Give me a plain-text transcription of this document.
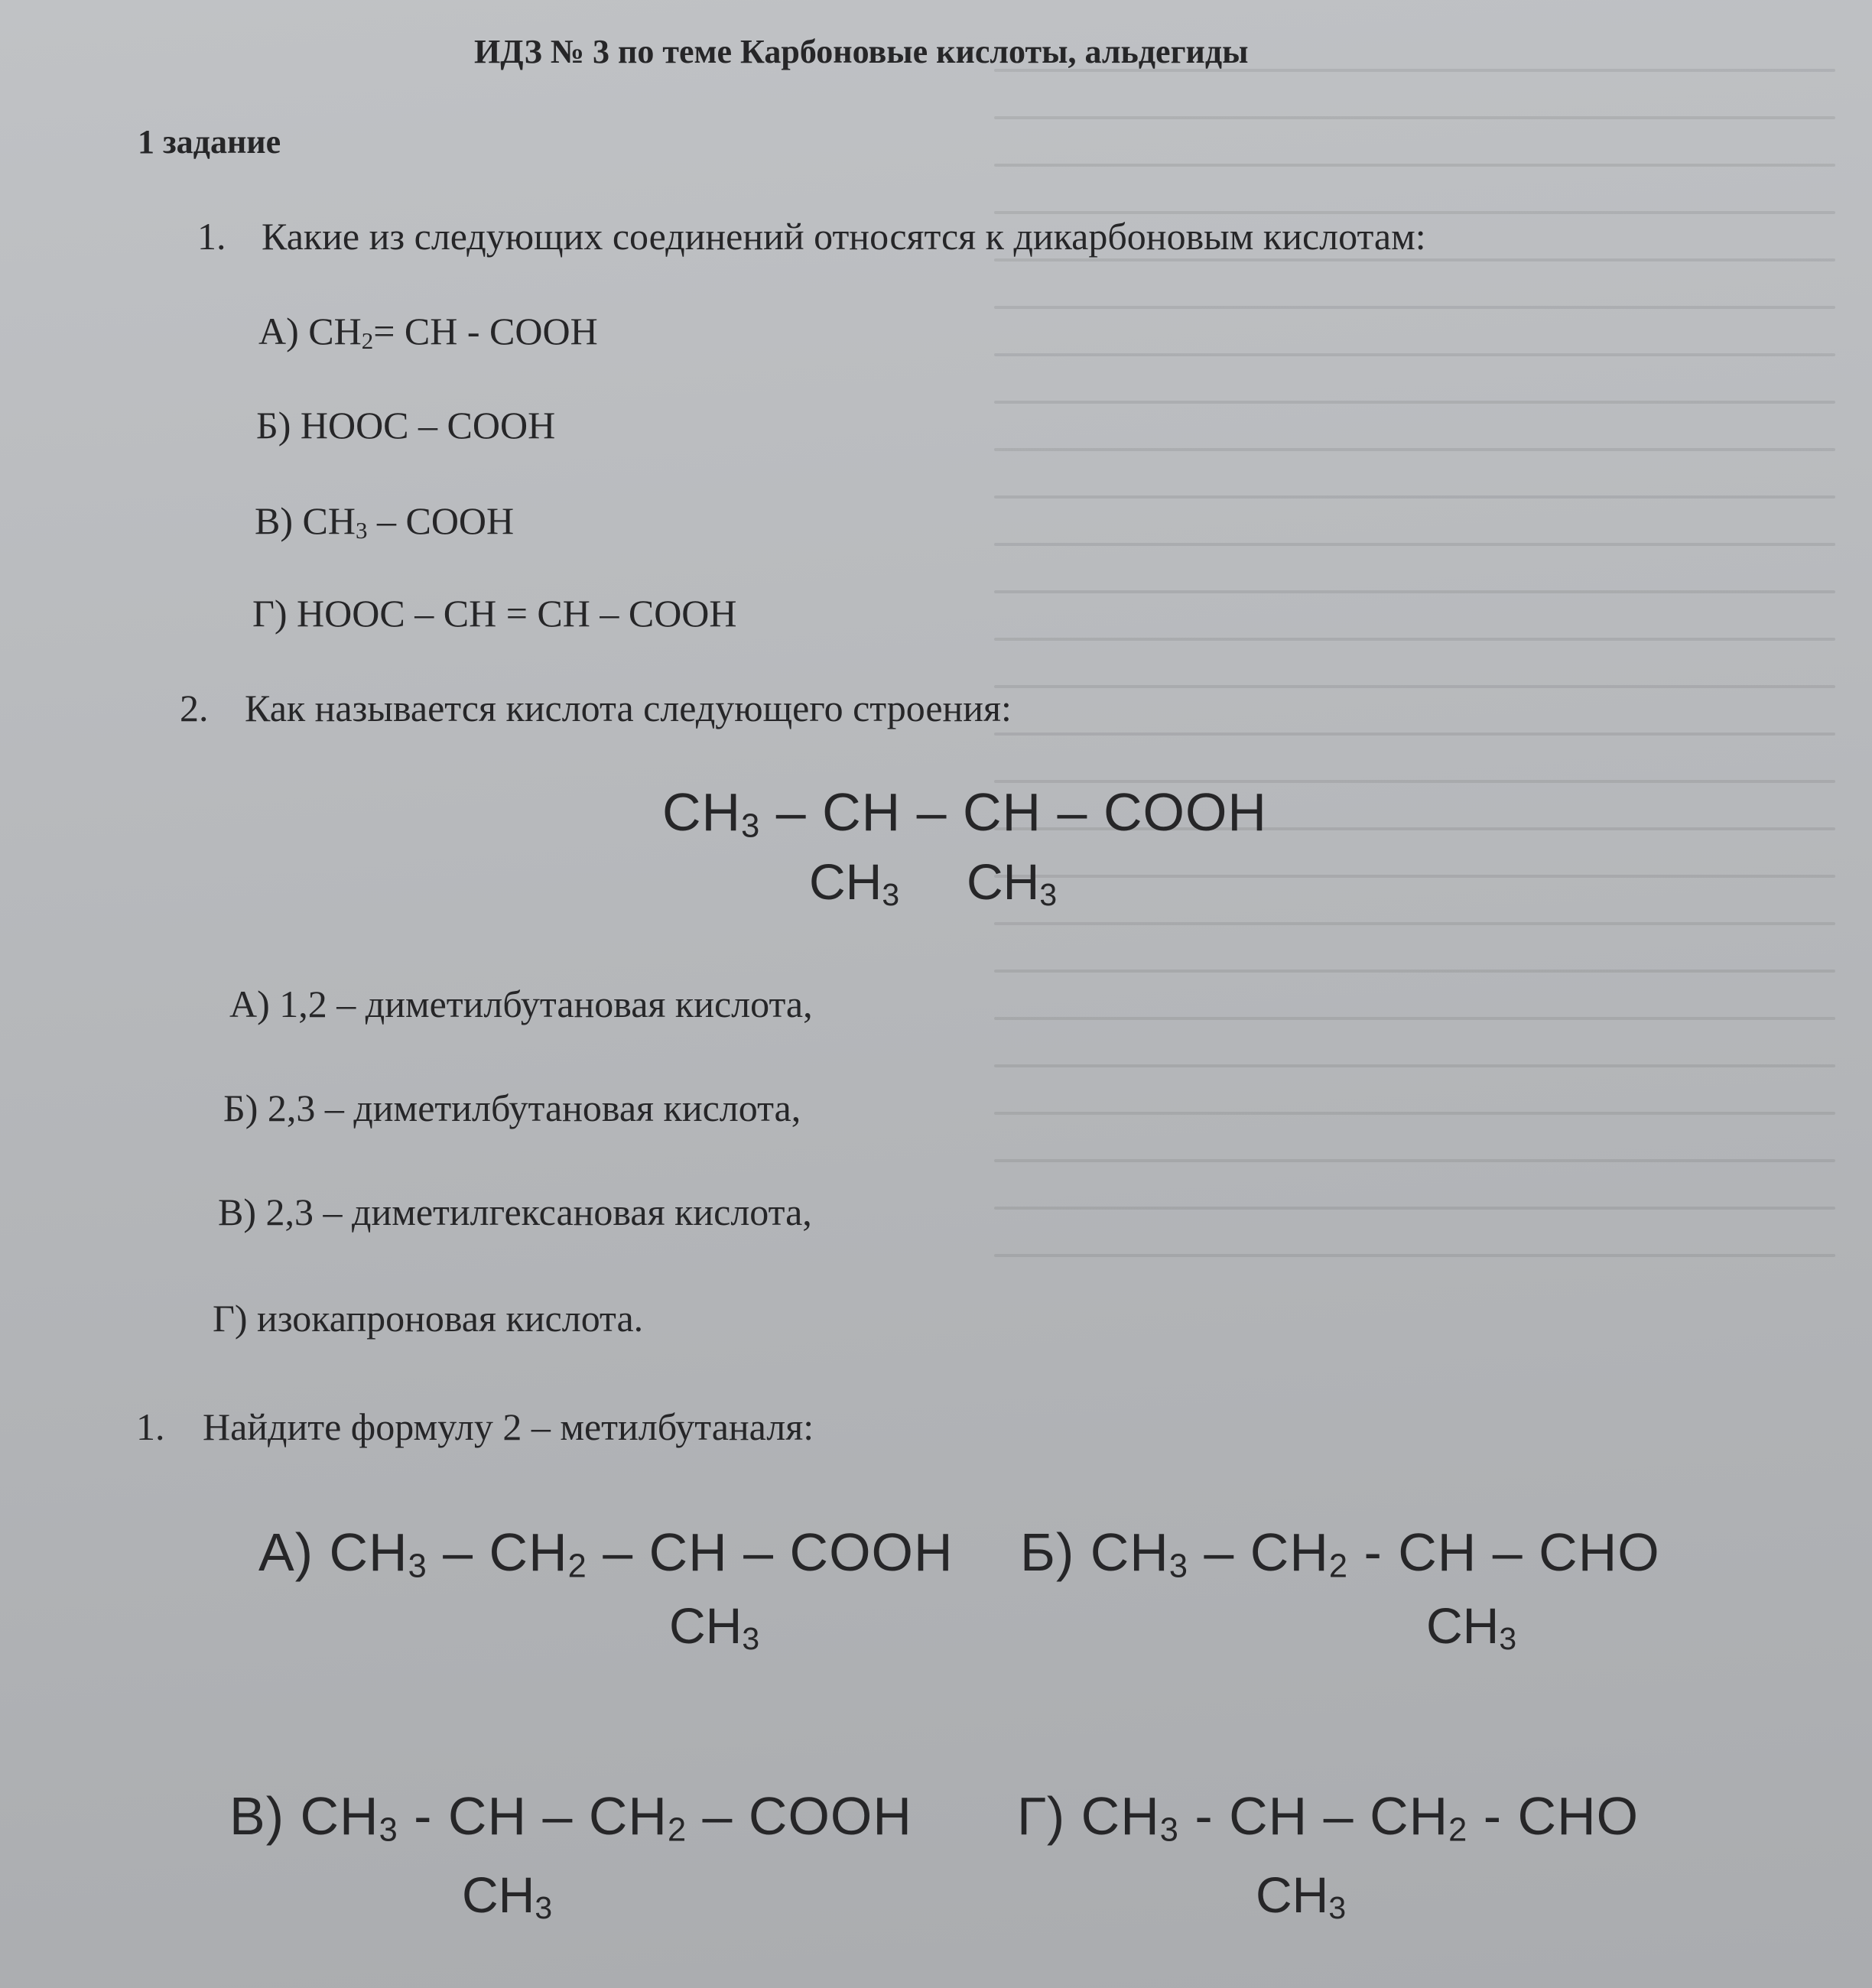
ИДЗ № 3 по теме Карбоновые кислоты, альдегиды
1 задание
1. Какие из следующих соединений относятся к дикарбоновым кислотам:
А) $CH_2=$ CH - COOH
Б) HOOC – COOH
В) $CH_3$ – COOH
Г) HOOC – CH = CH – COOH
2. Как называется кислота следующего строения:
$CH_3$ – CH – CH – COOH
$CH_3$ $CH_3$
А) 1,2 – диметилбутановая кислота,
Б) 2,3 – диметилбутановая кислота,
В) 2,3 – диметилгексановая кислота,
Г) изокапроновая кислота.
1. Найдите формулу 2 – метилбутаналя:
А) $CH_3 - CH_2$ – CH – COOH
$CH_3$
Б) $CH_3 - CH_2$ - CH – CHO
$CH_3$
В) $CH_3$ - CH – $CH_2$ – COOH
$CH_3$
Г) $CH_3$ - CH – $CH_2$ - CHO
$CH_3$
